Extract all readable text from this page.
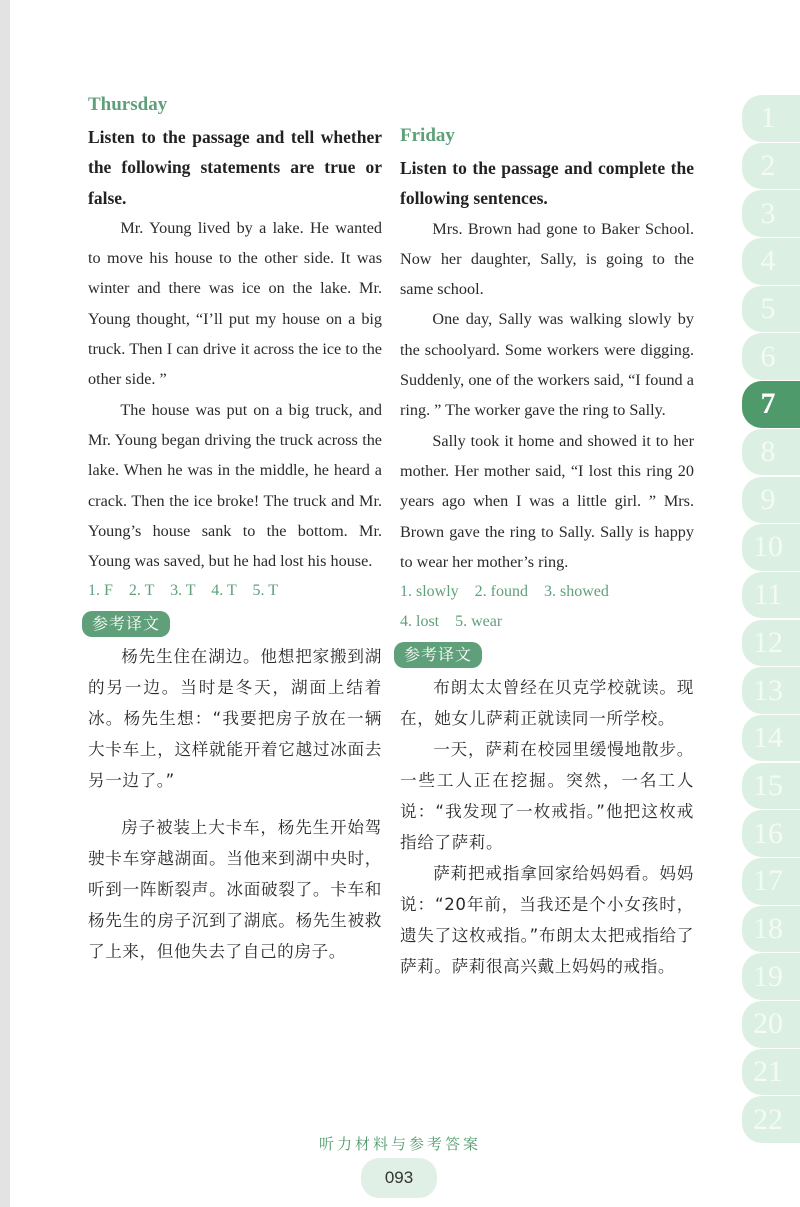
Thursday

Listen to the passage and tell whether the following statements are true or false.

Mr. Young lived by a lake. He wanted to move his house to the other side. It was winter and there was ice on the lake. Mr. Young thought, “I’ll put my house on a big truck. Then I can drive it across the ice to the other side. ”

The house was put on a big truck, and Mr. Young began driving the truck across the lake. When he was in the middle, he heard a crack. Then the ice broke! The truck and Mr. Young’s house sank to the bottom. Mr. Young was saved, but he had lost his house.

1. F    2. T    3. T    4. T    5. T

参考译文

杨先生住在湖边。他想把家搬到湖的另一边。当时是冬天，湖面上结着冰。杨先生想：“我要把房子放在一辆大卡车上，这样就能开着它越过冰面去另一边了。”

房子被装上大卡车，杨先生开始驾驶卡车穿越湖面。当他来到湖中央时，听到一阵断裂声。冰面破裂了。卡车和杨先生的房子沉到了湖底。杨先生被救了上来，但他失去了自己的房子。

Friday

Listen to the passage and complete the following sentences.

Mrs. Brown had gone to Baker School. Now her daughter, Sally, is going to the same school.

One day, Sally was walking slowly by the schoolyard. Some workers were digging. Suddenly, one of the workers said, “I found a ring. ” The worker gave the ring to Sally.

Sally took it home and showed it to her mother. Her mother said, “I lost this ring 20 years ago when I was a little girl. ” Mrs. Brown gave the ring to Sally. Sally is happy to wear her mother’s ring.

1. slowly    2. found    3. showed

4. lost    5. wear

参考译文

布朗太太曾经在贝克学校就读。现在，她女儿萨莉正就读同一所学校。

一天，萨莉在校园里缓慢地散步。一些工人正在挖掘。突然，一名工人说：“我发现了一枚戒指。”他把这枚戒指给了萨莉。

萨莉把戒指拿回家给妈妈看。妈妈说：“20年前，当我还是个小女孩时，遗失了这枚戒指。”布朗太太把戒指给了萨莉。萨莉很高兴戴上妈妈的戒指。

1
2
3
4
5
6
7
8
9
10
11
12
13
14
15
16
17
18
19
20
21
22
听力材料与参考答案
093
